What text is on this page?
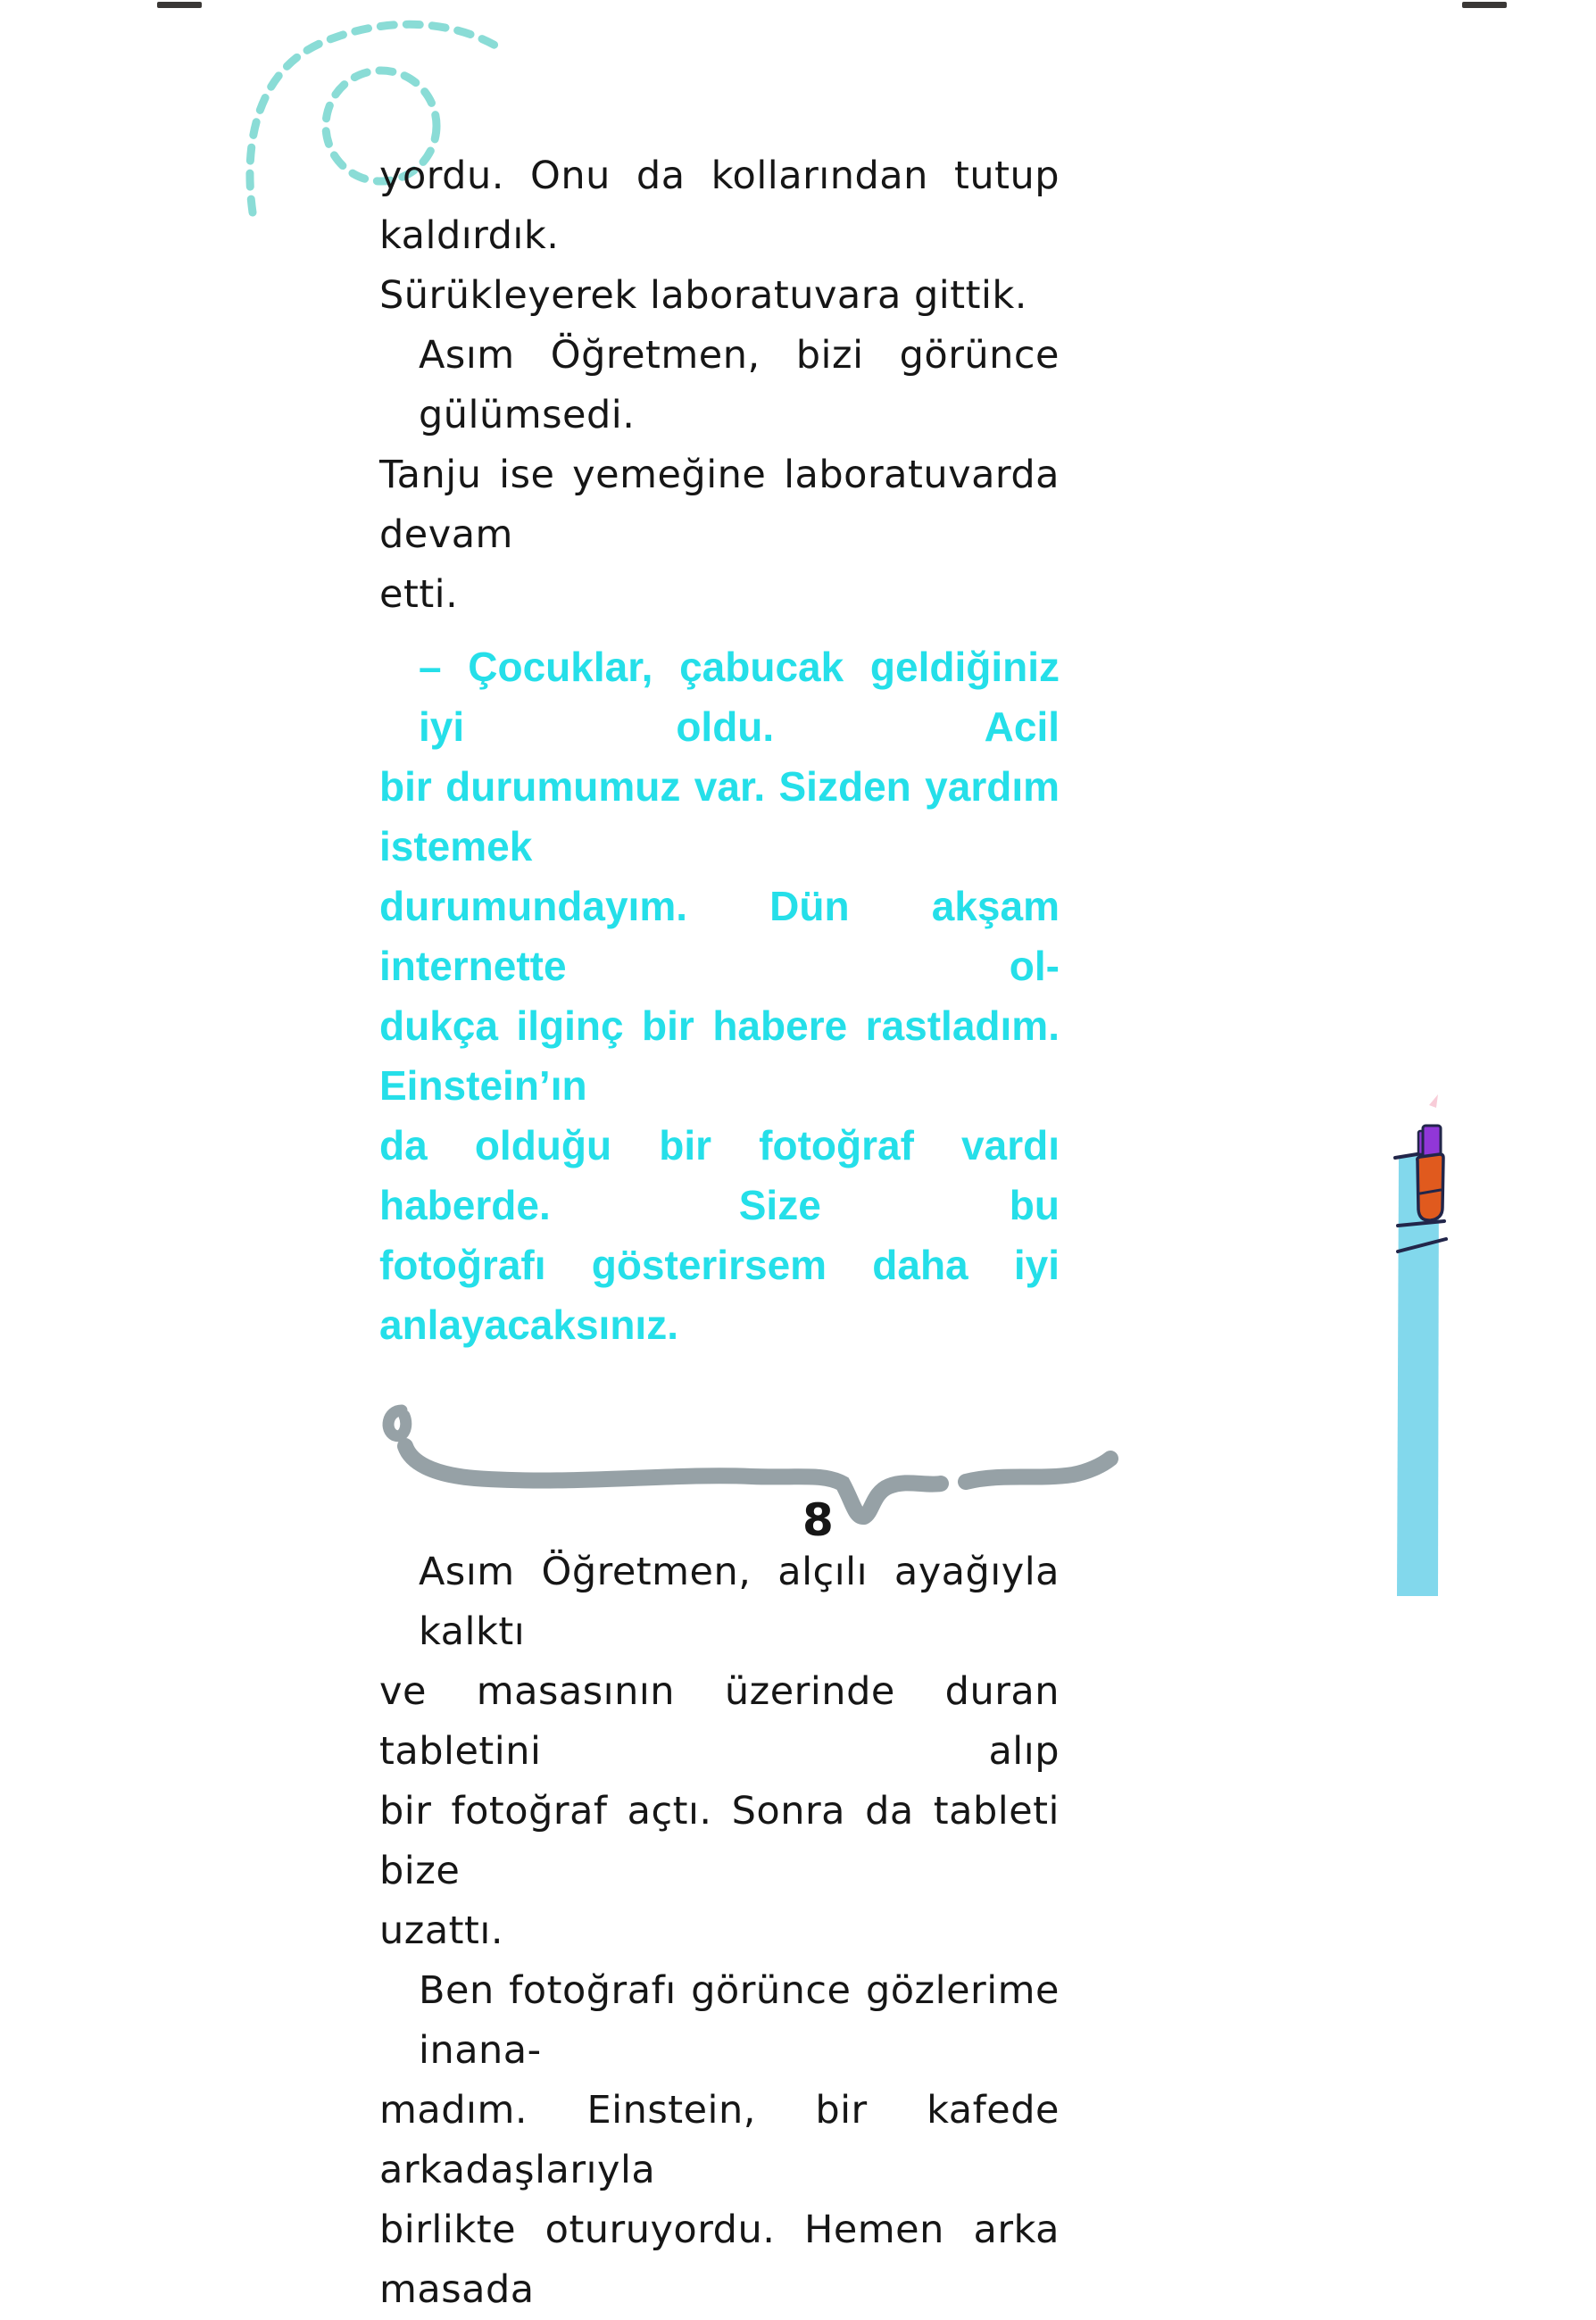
yordu. Onu da kollarından tutup kaldırdık.
Sürükleyerek laboratuvara gittik.
Asım Öğretmen, bizi görünce gülümsedi.
Tanju ise yemeğine laboratuvarda devam
etti.
– Çocuklar, çabucak geldiğiniz iyi oldu. Acil
bir durumumuz var. Sizden yardım istemek
durumundayım. Dün akşam internette ol-
dukça ilginç bir habere rastladım. Einstein’ın
da olduğu bir fotoğraf vardı haberde. Size bu
fotoğrafı gösterirsem daha iyi anlayacaksınız.
Asım Öğretmen, alçılı ayağıyla kalktı
ve masasının üzerinde duran tabletini alıp
bir fotoğraf açtı. Sonra da tableti bize
uzattı.
Ben fotoğrafı görünce gözlerime inana-
madım. Einstein, bir kafede arkadaşlarıyla
birlikte oturuyordu. Hemen arka masada
8
